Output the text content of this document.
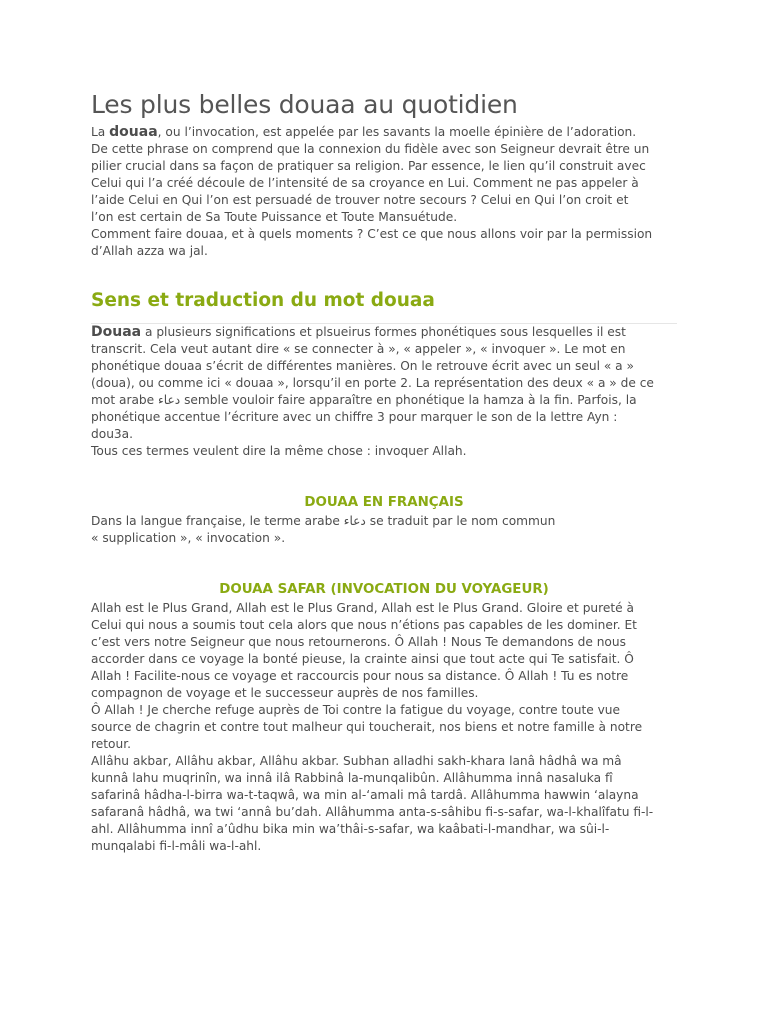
Les plus belles douaa au quotidien

La douaa, ou l’invocation, est appelée par les savants la moelle épinière de l’adoration.
De cette phrase on comprend que la connexion du fidèle avec son Seigneur devrait être un
pilier crucial dans sa façon de pratiquer sa religion. Par essence, le lien qu’il construit avec
Celui qui l’a créé découle de l’intensité de sa croyance en Lui. Comment ne pas appeler à
l’aide Celui en Qui l’on est persuadé de trouver notre secours ? Celui en Qui l’on croit et
l’on est certain de Sa Toute Puissance et Toute Mansuétude.
Comment faire douaa, et à quels moments ? C’est ce que nous allons voir par la permission
d’Allah azza wa jal.

Sens et traduction du mot douaa

Douaa a plusieurs significations et plsueirus formes phonétiques sous lesquelles il est
transcrit. Cela veut autant dire « se connecter à », « appeler », « invoquer ». Le mot en
phonétique douaa s’écrit de différentes manières. On le retrouve écrit avec un seul « a »
(doua), ou comme ici « douaa », lorsqu’il en porte 2. La représentation des deux « a » de ce
mot arabe دعاء semble vouloir faire apparaître en phonétique la hamza à la fin. Parfois, la
phonétique accentue l’écriture avec un chiffre 3 pour marquer le son de la lettre Ayn :
dou3a.
Tous ces termes veulent dire la même chose : invoquer Allah.

DOUAA EN FRANÇAIS

Dans la langue française, le terme arabe دعاء se traduit par le nom commun
« supplication », « invocation ».

DOUAA SAFAR (INVOCATION DU VOYAGEUR)

Allah est le Plus Grand, Allah est le Plus Grand, Allah est le Plus Grand. Gloire et pureté à
Celui qui nous a soumis tout cela alors que nous n’étions pas capables de les dominer. Et
c’est vers notre Seigneur que nous retournerons. Ô Allah ! Nous Te demandons de nous
accorder dans ce voyage la bonté pieuse, la crainte ainsi que tout acte qui Te satisfait. Ô
Allah ! Facilite-nous ce voyage et raccourcis pour nous sa distance. Ô Allah ! Tu es notre
compagnon de voyage et le successeur auprès de nos familles.
Ô Allah ! Je cherche refuge auprès de Toi contre la fatigue du voyage, contre toute vue
source de chagrin et contre tout malheur qui toucherait, nos biens et notre famille à notre
retour.

Allâhu akbar, Allâhu akbar, Allâhu akbar. Subhan alladhi sakh-khara lanâ hâdhâ wa mâ
kunnâ lahu muqrinîn, wa innâ ilâ Rabbinâ la-munqalibûn. Allâhumma innâ nasaluka fî
safarinâ hâdha-l-birra wa-t-taqwâ, wa min al-‘amali mâ tardâ. Allâhumma hawwin ‘alayna
safaranâ hâdhâ, wa twi ‘annâ bu’dah. Allâhumma anta-s-sâhibu fi-s-safar, wa-l-khalîfatu fi-l-
ahl. Allâhumma innî a’ûdhu bika min wa’thâi-s-safar, wa kaâbati-l-mandhar, wa sûi-l-
munqalabi fi-l-mâli wa-l-ahl.
